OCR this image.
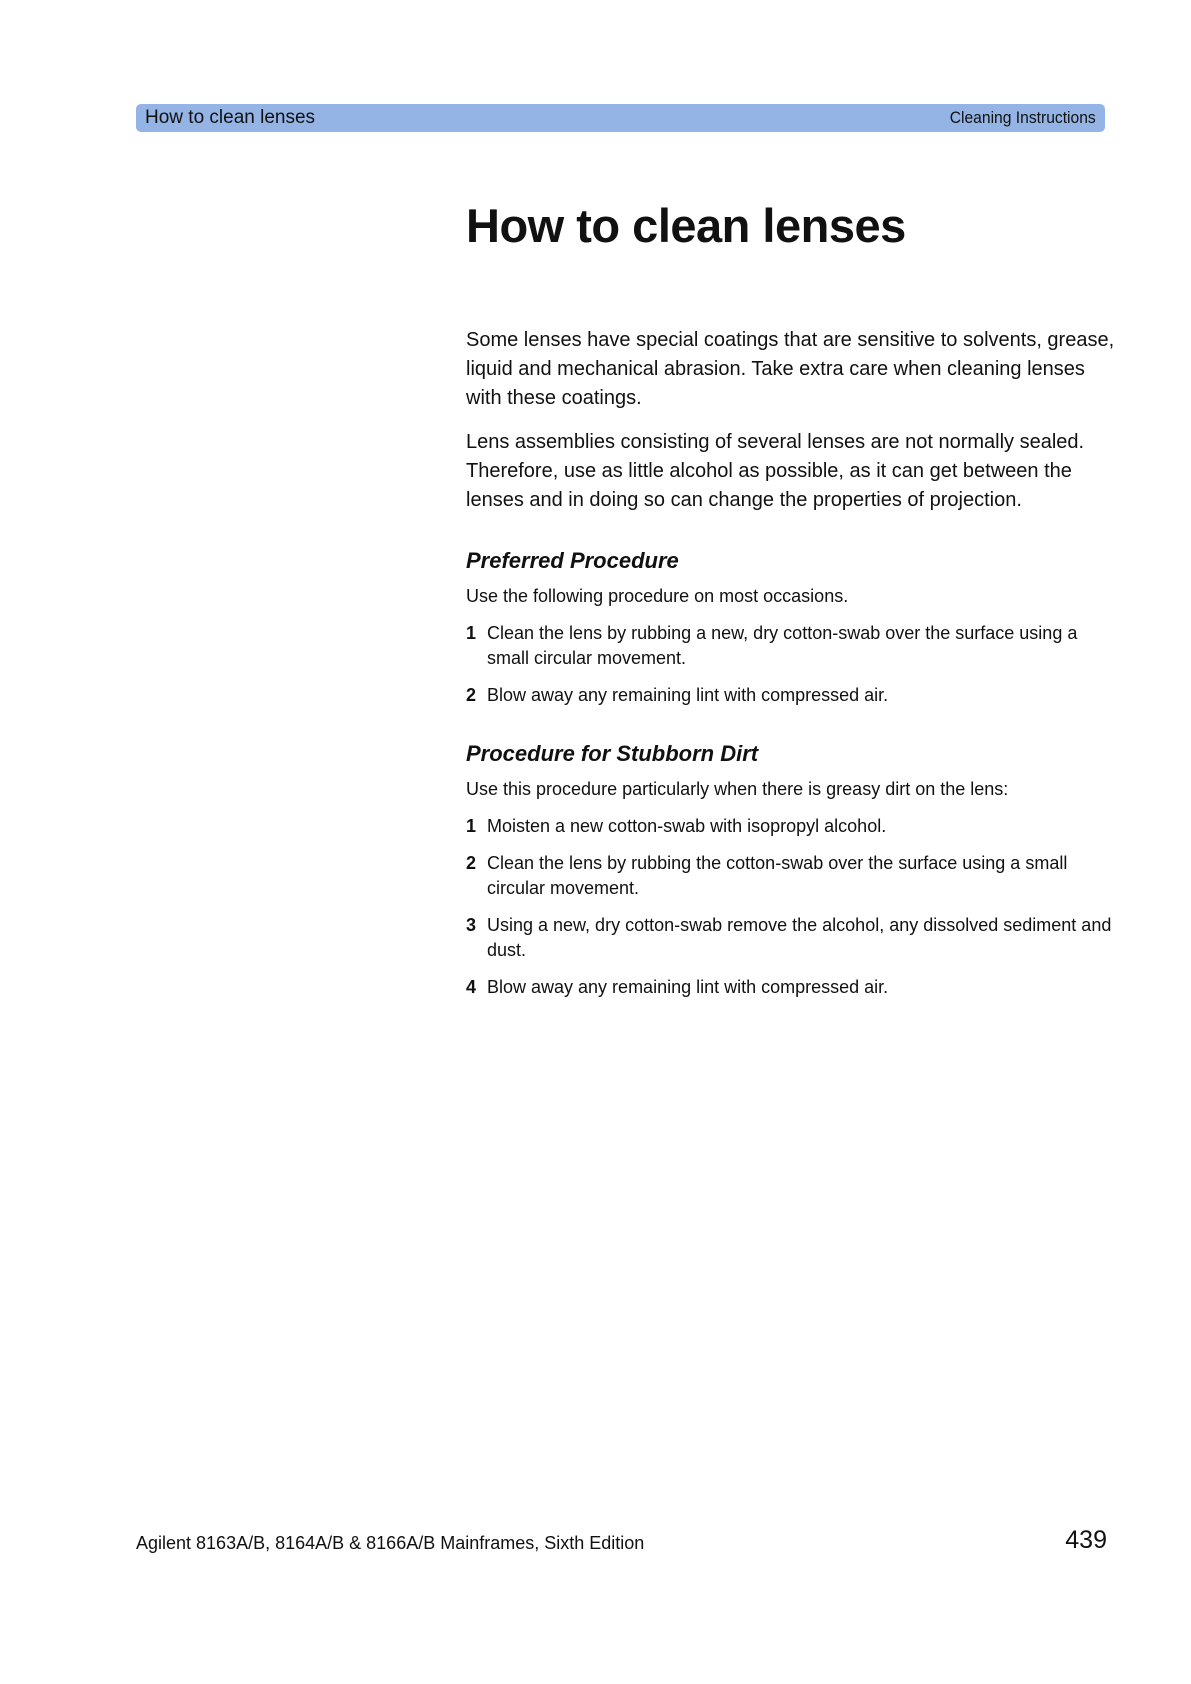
How to clean lenses	Cleaning Instructions
How to clean lenses

Some lenses have special coatings that are sensitive to solvents, grease, liquid and mechanical abrasion. Take extra care when cleaning lenses with these coatings.

Lens assemblies consisting of several lenses are not normally sealed. Therefore, use as little alcohol as possible, as it can get between the lenses and in doing so can change the properties of projection.

Preferred Procedure

Use the following procedure on most occasions.

1 Clean the lens by rubbing a new, dry cotton-swab over the surface using a small circular movement.
2 Blow away any remaining lint with compressed air.
Procedure for Stubborn Dirt

Use this procedure particularly when there is greasy dirt on the lens:

1 Moisten a new cotton-swab with isopropyl alcohol.
2 Clean the lens by rubbing the cotton-swab over the surface using a small circular movement.
3 Using a new, dry cotton-swab remove the alcohol, any dissolved sediment and dust.
4 Blow away any remaining lint with compressed air.
Agilent 8163A/B, 8164A/B & 8166A/B Mainframes, Sixth Edition	439
